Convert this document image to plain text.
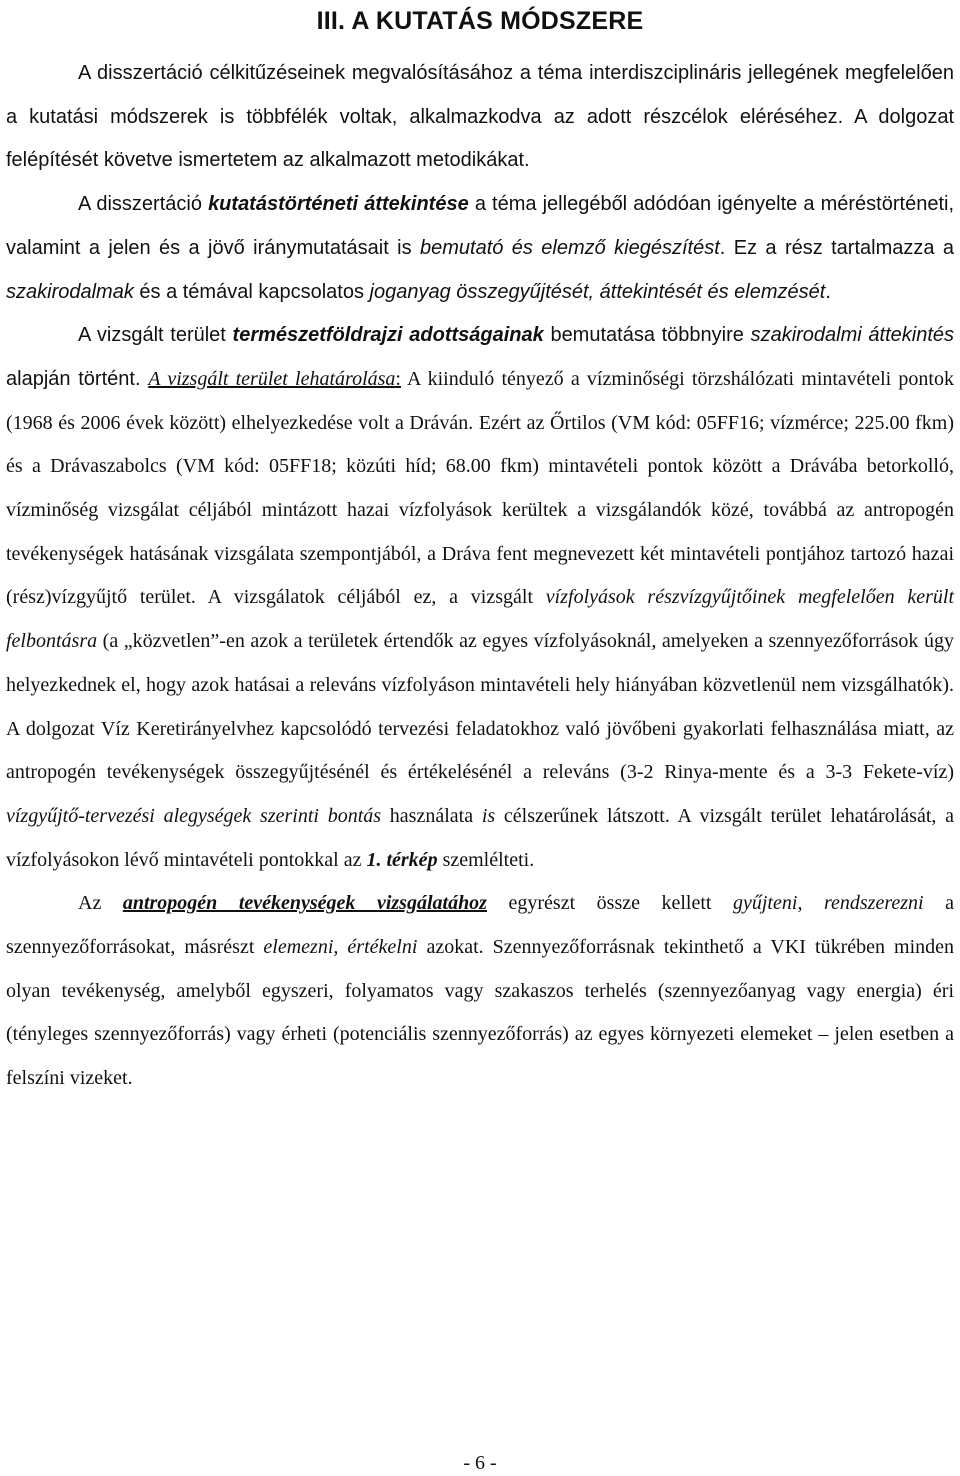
III. A KUTATÁS MÓDSZERE

A disszertáció célkitűzéseinek megvalósításához a téma interdiszciplináris jellegének megfelelően a kutatási módszerek is többfélék voltak, alkalmazkodva az adott részcélok eléréséhez. A dolgozat felépítését követve ismertetem az alkalmazott metodikákat.

A disszertáció kutatástörténeti áttekintése a téma jellegéből adódóan igényelte a méréstörténeti, valamint a jelen és a jövő iránymutatásait is bemutató és elemző kiegészítést. Ez a rész tartalmazza a szakirodalmak és a témával kapcsolatos joganyag összegyűjtését, áttekintését és elemzését.

A vizsgált terület természetföldrajzi adottságainak bemutatása többnyire szakirodalmi áttekintés alapján történt. A vizsgált terület lehatárolása: A kiinduló tényező a vízminőségi törzshálózati mintavételi pontok (1968 és 2006 évek között) elhelyezkedése volt a Dráván. Ezért az Őrtilos (VM kód: 05FF16; vízmérce; 225.00 fkm) és a Drávaszabolcs (VM kód: 05FF18; közúti híd; 68.00 fkm) mintavételi pontok között a Drávába betorkolló, vízminőség vizsgálat céljából mintázott hazai vízfolyások kerültek a vizsgálandók közé, továbbá az antropogén tevékenységek hatásának vizsgálata szempontjából, a Dráva fent megnevezett két mintavételi pontjához tartozó hazai (rész)vízgyűjtő terület. A vizsgálatok céljából ez, a vizsgált vízfolyások részvízgyűjtőinek megfelelően került felbontásra (a „közvetlen”-en azok a területek értendők az egyes vízfolyásoknál, amelyeken a szennyezőforrások úgy helyezkednek el, hogy azok hatásai a releváns vízfolyáson mintavételi hely hiányában közvetlenül nem vizsgálhatók). A dolgozat Víz Keretirányelvhez kapcsolódó tervezési feladatokhoz való jövőbeni gyakorlati felhasználása miatt, az antropogén tevékenységek összegyűjtésénél és értékelésénél a releváns (3-2 Rinya-mente és a 3-3 Fekete-víz) vízgyűjtő-tervezési alegységek szerinti bontás használata is célszerűnek látszott. A vizsgált terület lehatárolását, a vízfolyásokon lévő mintavételi pontokkal az 1. térkép szemlélteti.

Az antropogén tevékenységek vizsgálatához egyrészt össze kellett gyűjteni, rendszerezni a szennyezőforrásokat, másrészt elemezni, értékelni azokat. Szennyezőforrásnak tekinthető a VKI tükrében minden olyan tevékenység, amelyből egyszeri, folyamatos vagy szakaszos terhelés (szennyezőanyag vagy energia) éri (tényleges szennyezőforrás) vagy érheti (potenciális szennyezőforrás) az egyes környezeti elemeket – jelen esetben a felszíni vizeket.

- 6 -
